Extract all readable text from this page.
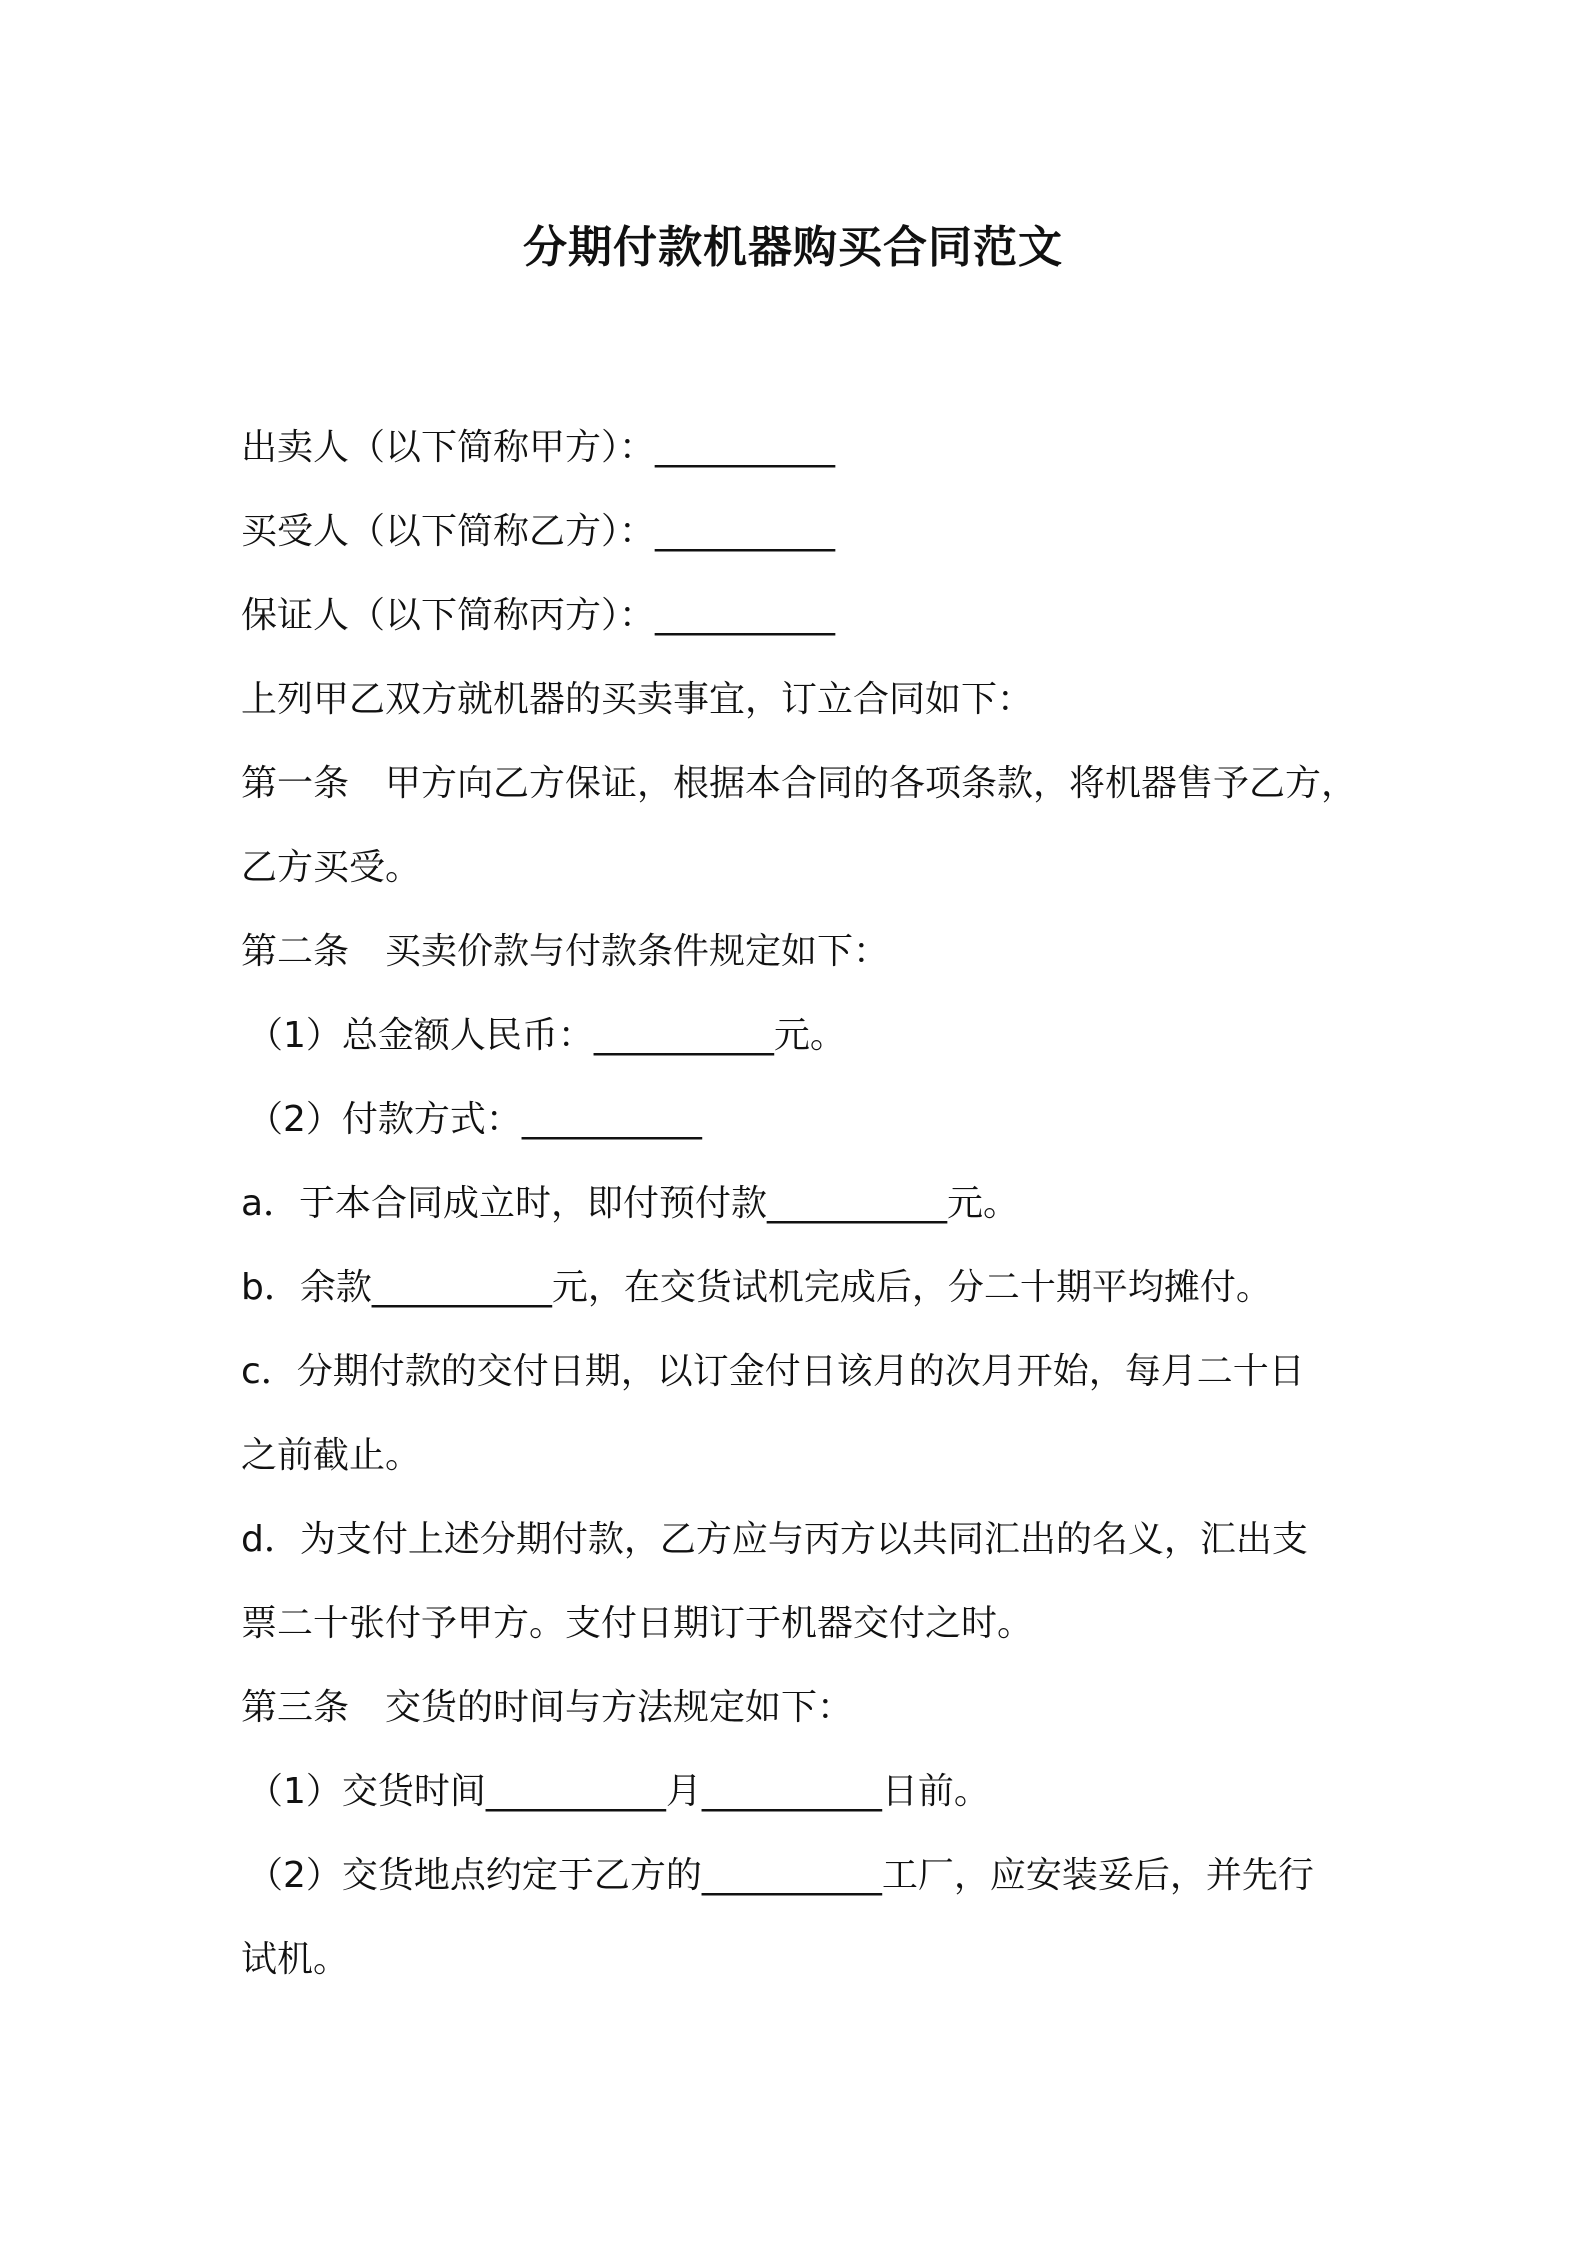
分期付款机器购买合同范文
出卖人（以下简称甲方）：__________
买受人（以下简称乙方）：__________
保证人（以下简称丙方）：__________
上列甲乙双方就机器的买卖事宜，订立合同如下：
第一条　甲方向乙方保证，根据本合同的各项条款，将机器售予乙方，
乙方买受。
第二条　买卖价款与付款条件规定如下：
（1）总金额人民币：__________元。
（2）付款方式：__________
a．于本合同成立时，即付预付款__________元。
b．余款__________元，在交货试机完成后，分二十期平均摊付。
c．分期付款的交付日期，以订金付日该月的次月开始，每月二十日
之前截止。
d．为支付上述分期付款，乙方应与丙方以共同汇出的名义，汇出支
票二十张付予甲方。支付日期订于机器交付之时。
第三条　交货的时间与方法规定如下：
（1）交货时间__________月__________日前。
（2）交货地点约定于乙方的__________工厂，应安装妥后，并先行
试机。
